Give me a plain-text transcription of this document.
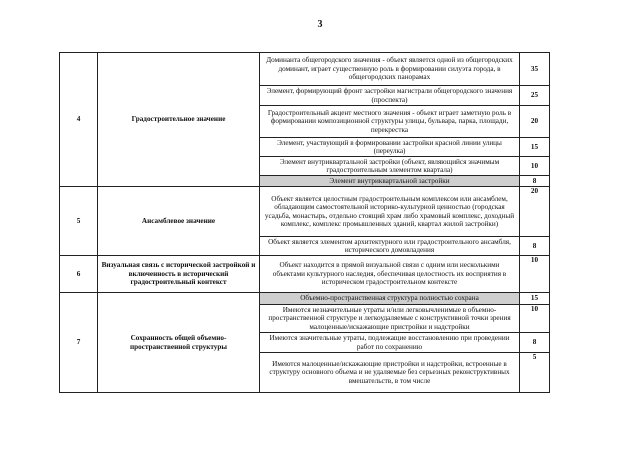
3
4	Градостроительное значение	Доминанта общегородского значения - объект является одной из общегородских доминант, играет существенную роль в формировании силуэта города, в общегородских панорамах	35
		Элемент, формирующий фронт застройки магистрали общегородского значения (проспекта)	25
		Градостроительный акцент местного значения - объект играет заметную роль в формировании композиционной структуры улицы, бульвара, парка, площади, перекрестка	20
		Элемент, участвующий в формировании застройки красной линии улицы (переулка)	15
		Элемент внутриквартальной застройки (объект, являющийся значимым градостроительным элементом квартала)	10
		Элемент внутриквартальной застройки	8
5	Ансамблевое значение	Объект является целостным градостроительным комплексом или ансамблем, обладающим самостоятельной историко-культурной ценностью (городская усадьба, монастырь, отдельно стоящий храм либо храмовый комплекс, доходный комплекс, комплекс промышленных зданий, квартал жилой застройки)	20
		Объект является элементом архитектурного или градостроительного ансамбля, исторического домовладения	8
6	Визуальная связь с исторической застройкой и включенность в исторический градостроительный контекст	Объект находится в прямой визуальной связи с одним или несколькими объектами культурного наследия, обеспечивая целостность их восприятия в историческом градостроительном контексте	10
7	Сохранность общей объемно-пространственной структуры	Объемно-пространственная структура полностью сохрана	15
		Имеются незначительные утраты и/или легковычленимые в объемно-пространственной структуре и легкоудаляемые с конструктивной точки зрения малоценные/искажающие пристройки и надстройки	10
		Имеются значительные утраты, подлежащие восстановлению при проведении работ по сохранению	8
		Имеются малоценные/искажающие пристройки и надстройки, встроенные в структуру основного объема и не удаляемые без серьезных реконструктивных вмешательств, в том числе	5
